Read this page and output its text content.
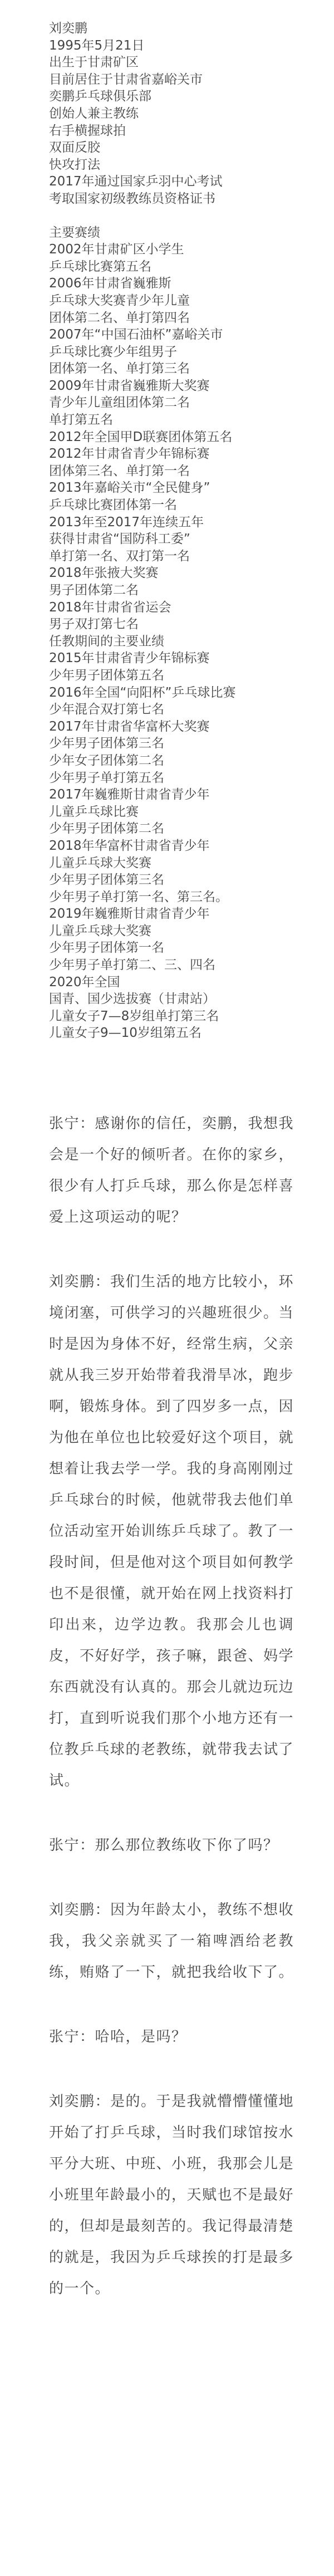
刘奕鹏
1995年5月21日
出生于甘肃矿区
目前居住于甘肃省嘉峪关市
奕鹏乒乓球俱乐部
创始人兼主教练
右手横握球拍
双面反胶
快攻打法
2017年通过国家乒羽中心考试
考取国家初级教练员资格证书
主要赛绩
2002年甘肃矿区小学生
乒乓球比赛第五名
2006年甘肃省巍雅斯
乒乓球大奖赛青少年儿童
团体第二名、单打第四名
2007年“中国石油杯”嘉峪关市
乒乓球比赛少年组男子
团体第一名、单打第三名
2009年甘肃省巍雅斯大奖赛
青少年儿童组团体第二名
单打第五名
2012年全国甲D联赛团体第五名
2012年甘肃省青少年锦标赛
团体第三名、单打第一名
2013年嘉峪关市“全民健身”
乒乓球比赛团体第一名
2013年至2017年连续五年
获得甘肃省“国防科工委”
单打第一名、双打第一名
2018年张掖大奖赛
男子团体第二名
2018年甘肃省省运会
男子双打第七名
任教期间的主要业绩
2015年甘肃省青少年锦标赛
少年男子团体第五名
2016年全国“向阳杯”乒乓球比赛
少年混合双打第七名
2017年甘肃省华富杯大奖赛
少年男子团体第三名
少年女子团体第二名
少年男子单打第五名
2017年巍雅斯甘肃省青少年
儿童乒乓球比赛
少年男子团体第二名
2018年华富杯甘肃省青少年
儿童乒乓球大奖赛
少年男子团体第三名
少年男子单打第一名、第三名。
2019年巍雅斯甘肃省青少年
儿童乒乓球大奖赛
少年男子团体第一名
少年男子单打第二、三、四名
2020年全国
国青、国少选拔赛（甘肃站）
儿童女子7—8岁组单打第三名
儿童女子9—10岁组第五名

张宁：感谢你的信任，奕鹏，我想我会是一个好的倾听者。在你的家乡，很少有人打乒乓球，那么你是怎样喜爱上这项运动的呢？

刘奕鹏：我们生活的地方比较小，环境闭塞，可供学习的兴趣班很少。当时是因为身体不好，经常生病，父亲就从我三岁开始带着我滑旱冰，跑步啊，锻炼身体。到了四岁多一点，因为他在单位也比较爱好这个项目，就想着让我去学一学。我的身高刚刚过乒乓球台的时候，他就带我去他们单位活动室开始训练乒乓球了。教了一段时间，但是他对这个项目如何教学也不是很懂，就开始在网上找资料打印出来，边学边教。我那会儿也调皮，不好好学，孩子嘛，跟爸、妈学东西就没有认真的。那会儿就边玩边打，直到听说我们那个小地方还有一位教乒乓球的老教练，就带我去试了试。

张宁：那么那位教练收下你了吗？

刘奕鹏：因为年龄太小，教练不想收我，我父亲就买了一箱啤酒给老教练，贿赂了一下，就把我给收下了。

张宁：哈哈，是吗？

刘奕鹏：是的。于是我就懵懵懂懂地开始了打乒乓球，当时我们球馆按水平分大班、中班、小班，我那会儿是小班里年龄最小的，天赋也不是最好的，但却是最刻苦的。我记得最清楚的就是，我因为乒乓球挨的打是最多的一个。
